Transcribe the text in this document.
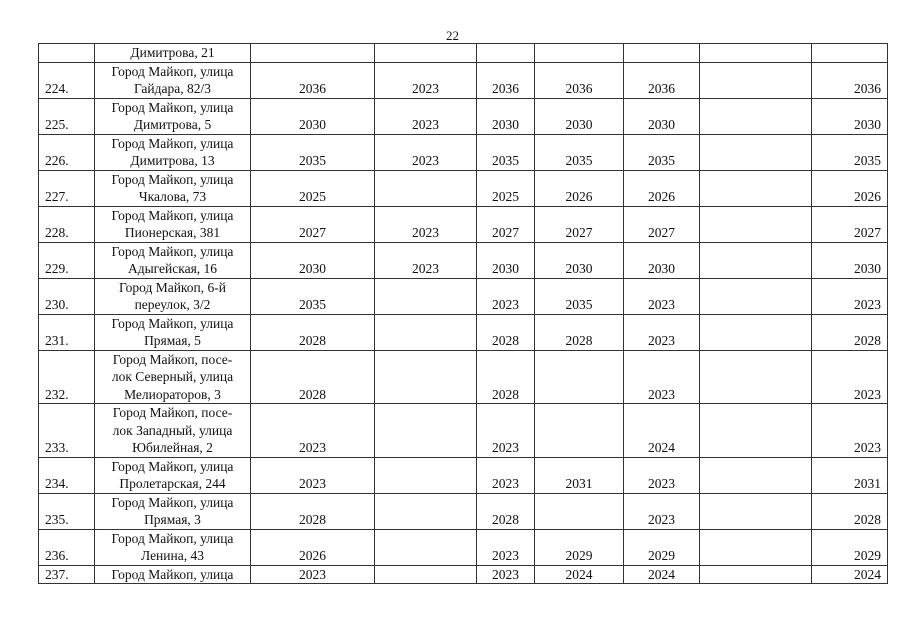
22

	Димитрова, 21							

224.	Город Майкоп, улица
Гайдара, 82/3	2036	2023	2036	2036	2036		2036
225.	Город Майкоп, улица
Димитрова, 5	2030	2023	2030	2030	2030		2030
226.	Город Майкоп, улица
Димитрова, 13	2035	2023	2035	2035	2035		2035
227.	Город Майкоп, улица
Чкалова, 73	2025		2025	2026	2026		2026
228.	Город Майкоп, улица
Пионерская, 381	2027	2023	2027	2027	2027		2027
229.	Город Майкоп, улица
Адыгейская, 16	2030	2023	2030	2030	2030		2030
230.	Город Майкоп, 6-й
переулок, 3/2	2035		2023	2035	2023		2023
231.	Город Майкоп, улица
Прямая, 5	2028		2028	2028	2023		2028
232.	Город Майкоп, посе-
лок Северный, улица
Мелиораторов, 3	2028		2028		2023		2023
233.	Город Майкоп, посе-
лок Западный, улица
Юбилейная, 2	2023		2023		2024		2023
234.	Город Майкоп, улица
Пролетарская, 244	2023		2023	2031	2023		2031
235.	Город Майкоп, улица
Прямая, 3	2028		2028		2023		2028
236.	Город Майкоп, улица
Ленина, 43	2026		2023	2029	2029		2029
237.	Город Майкоп, улица	2023		2023	2024	2024		2024
